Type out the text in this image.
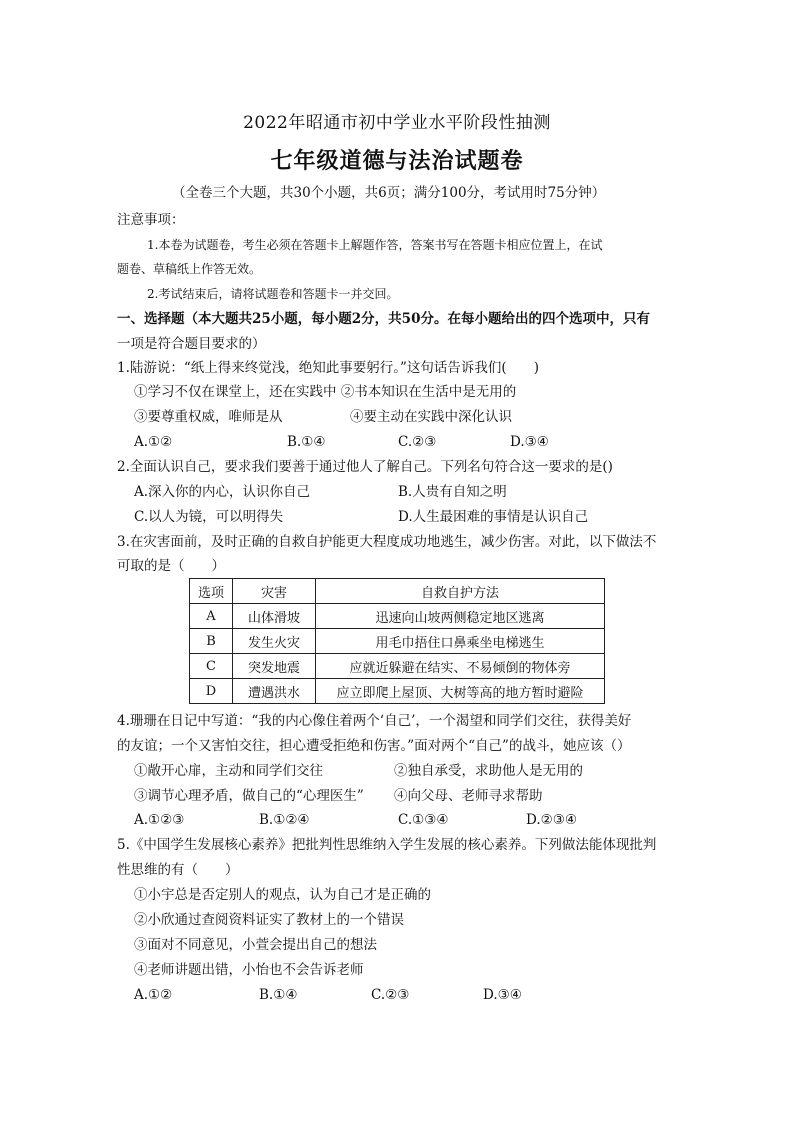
2022年昭通市初中学业水平阶段性抽测
七年级道德与法治试题卷
（全卷三个大题，共30个小题，共6页；满分100分，考试用时75分钟）
注意事项：
1.本卷为试题卷，考生必须在答题卡上解题作答，答案书写在答题卡相应位置上，在试
题卷、草稿纸上作答无效。
2.考试结束后，请将试题卷和答题卡一并交回。
一、选择题（本大题共25小题，每小题2分，共50分。在每小题给出的四个选项中，只有
一项是符合题目要求的）
1.陆游说：“纸上得来终觉浅，绝知此事要躬行。”这句话告诉我们(　　)
①学习不仅在课堂上，还在实践中 ②书本知识在生活中是无用的
③要尊重权威，唯师是从	④要主动在实践中深化认识
A.①②	B.①④	C.②③	D.③④
2.全面认识自己，要求我们要善于通过他人了解自己。下列名句符合这一要求的是()
A.深入你的内心，认识你自己	B.人贵有自知之明
C.以人为镜，可以明得失	D.人生最困难的事情是认识自己
3.在灾害面前，及时正确的自救自护能更大程度成功地逃生，减少伤害。对此，以下做法不
可取的是（　　）
选项	灾害	自救自护方法
A	山体滑坡	迅速向山坡两侧稳定地区逃离
B	发生火灾	用毛巾捂住口鼻乘坐电梯逃生
C	突发地震	应就近躲避在结实、不易倾倒的物体旁
D	遭遇洪水	应立即爬上屋顶、大树等高的地方暂时避险
4.珊珊在日记中写道：“我的内心像住着两个‘自己’，一个渴望和同学们交往，获得美好
的友谊；一个又害怕交往，担心遭受拒绝和伤害。”面对两个“自己”的战斗，她应该（）
①敞开心扉，主动和同学们交往	②独自承受，求助他人是无用的
③调节心理矛盾，做自己的“心理医生” ④向父母、老师寻求帮助
A.①②③	B.①②④	C.①③④	D.②③④
5.《中国学生发展核心素养》把批判性思维纳入学生发展的核心素养。下列做法能体现批判
性思维的有（　　）
①小宇总是否定别人的观点，认为自己才是正确的
②小欣通过查阅资料证实了教材上的一个错误
③面对不同意见，小萱会提出自己的想法
④老师讲题出错，小怡也不会告诉老师
A.①②	B.①④	C.②③	D.③④
